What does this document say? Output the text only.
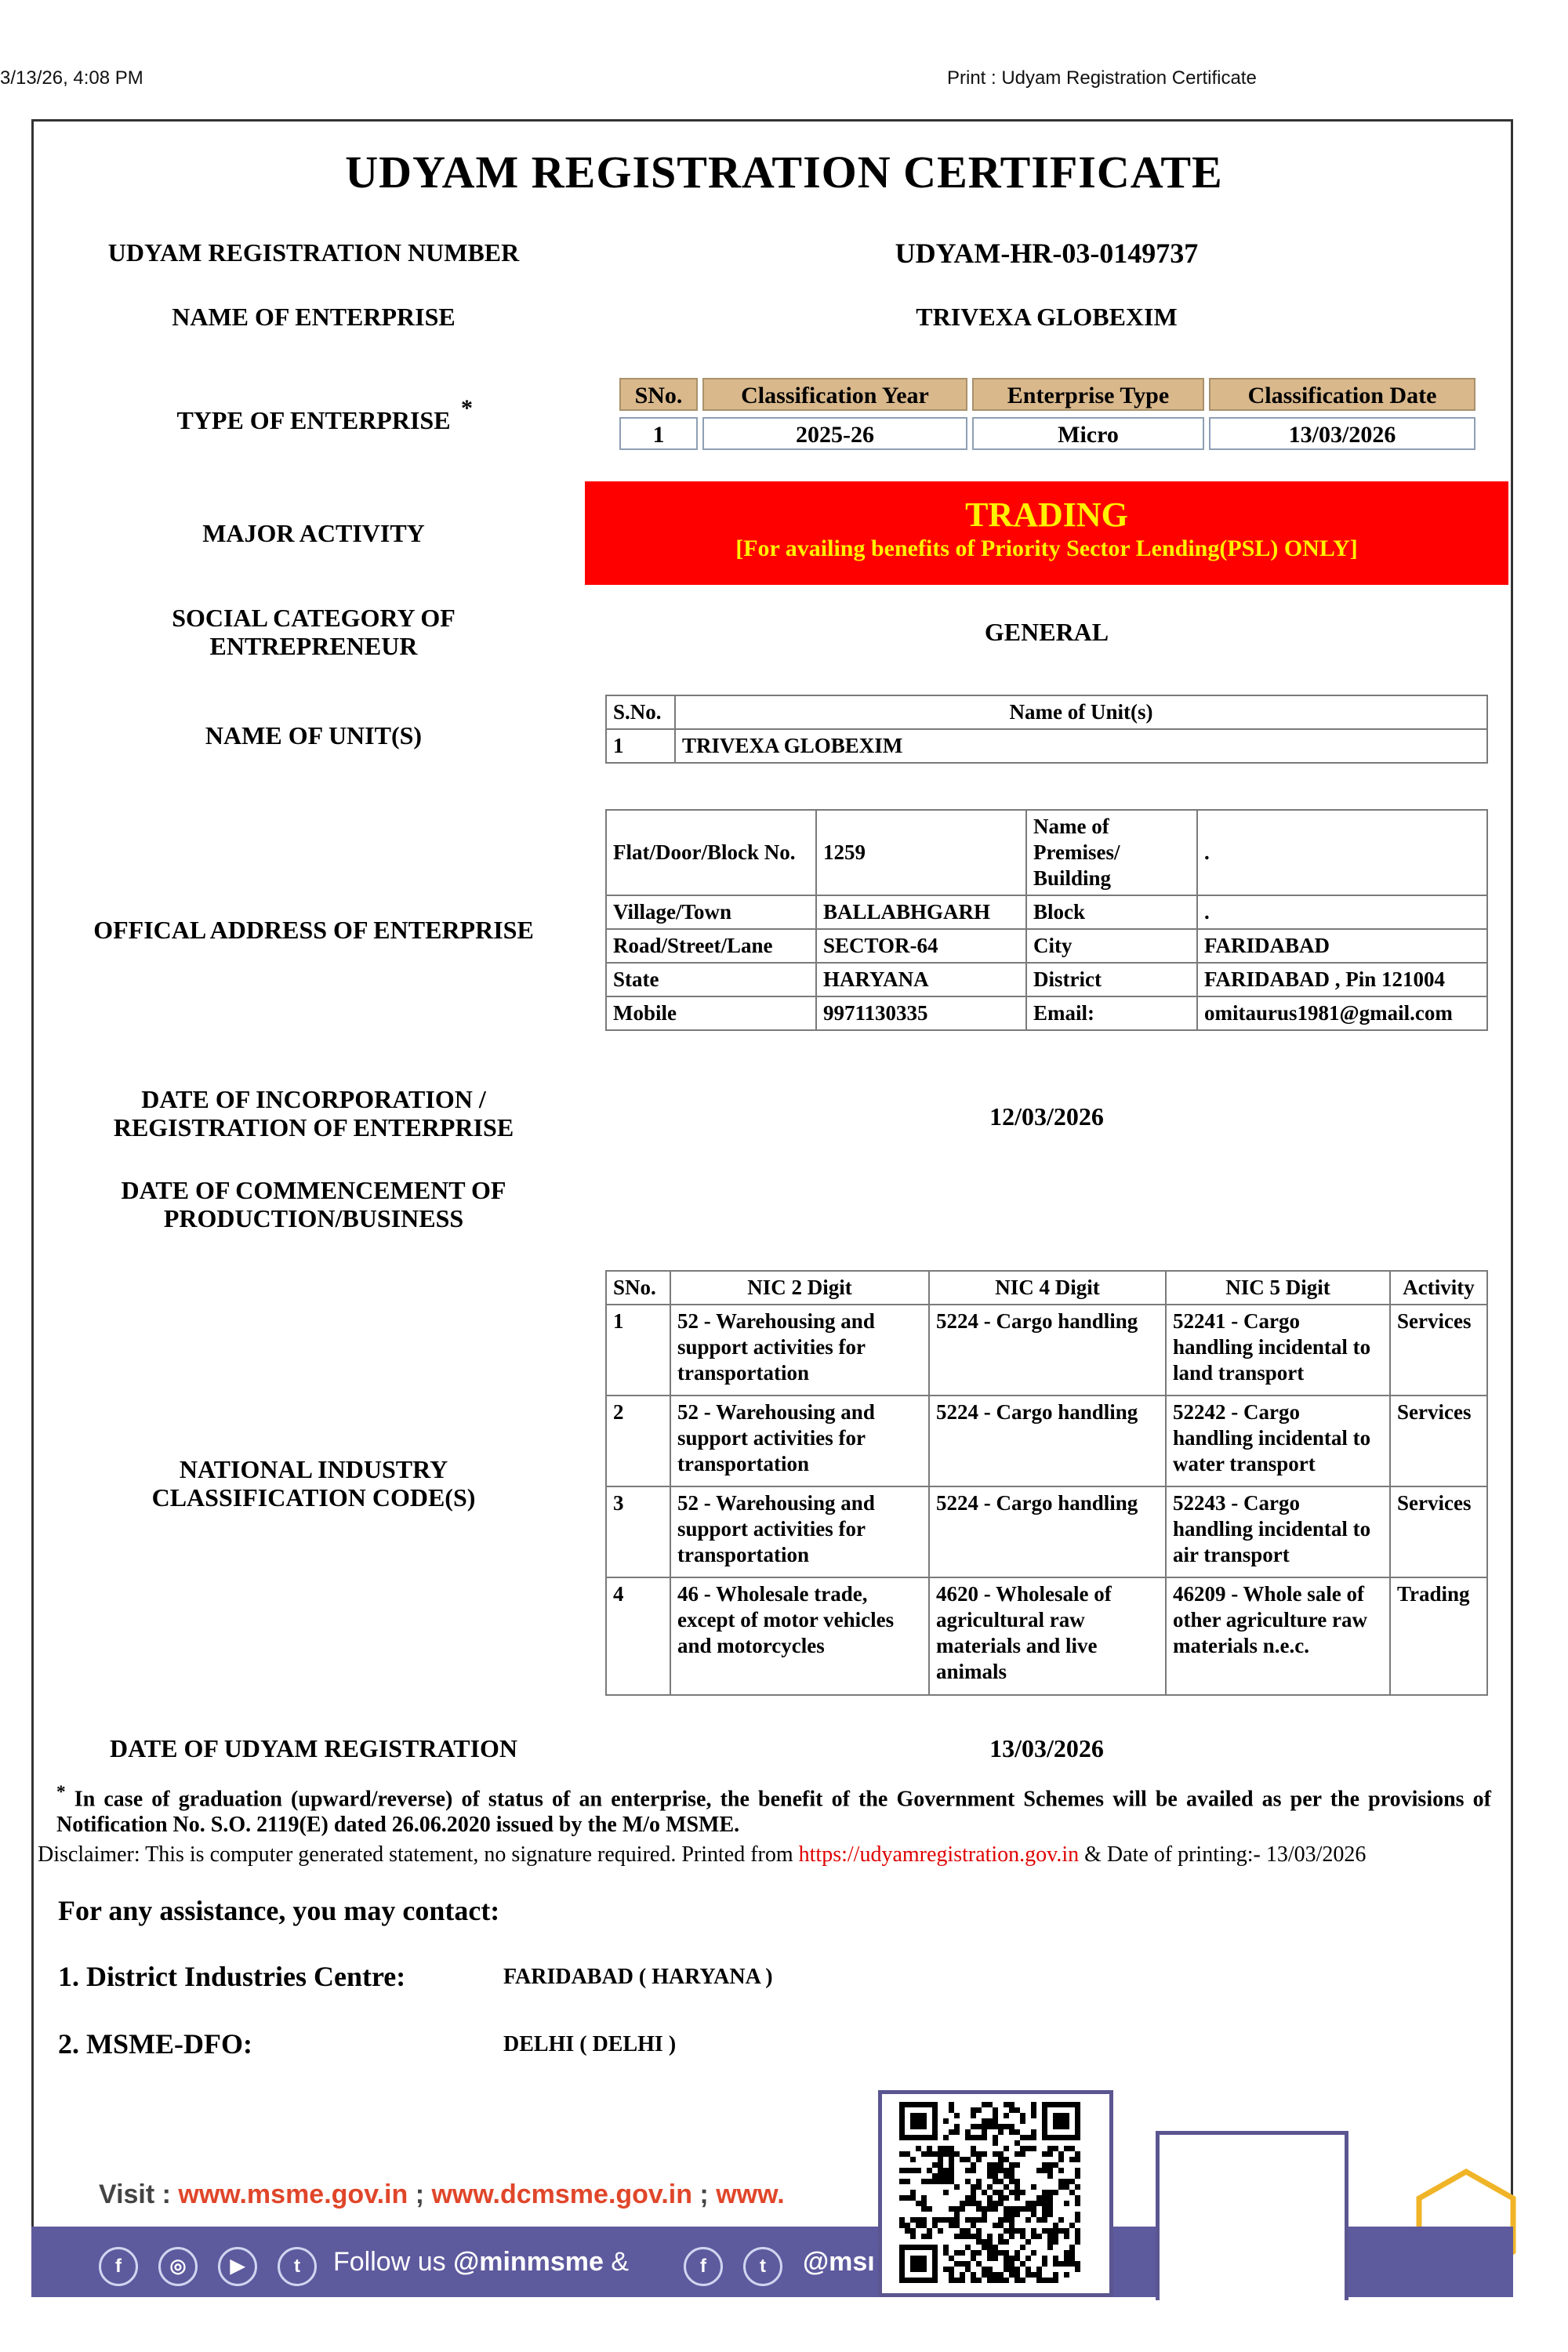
3/13/26, 4:08 PM	Print : Udyam Registration Certificate
UDYAM REGISTRATION CERTIFICATE
UDYAM REGISTRATION NUMBER	UDYAM-HR-03-0149737
NAME OF ENTERPRISE	TRIVEXA GLOBEXIM
TYPE OF ENTERPRISE *	SNo.	Classification Year	Enterprise Type	Classification Date
1	2025-26	Micro	13/03/2026
MAJOR ACTIVITY	TRADING
[For availing benefits of Priority Sector Lending(PSL) ONLY]
SOCIAL CATEGORY OF
ENTREPRENEUR	GENERAL
NAME OF UNIT(S)
S.No.	Name of Unit(s)
1	TRIVEXA GLOBEXIM
OFFICAL ADDRESS OF ENTERPRISE
Flat/Door/Block No.	1259	Name of Premises/ Building	.
Village/Town	BALLABHGARH	Block	.
Road/Street/Lane	SECTOR-64	City	FARIDABAD
State	HARYANA	District	FARIDABAD , Pin 121004
Mobile	9971130335	Email:	omitaurus1981@gmail.com
DATE OF INCORPORATION /
REGISTRATION OF ENTERPRISE	12/03/2026
DATE OF COMMENCEMENT OF
PRODUCTION/BUSINESS
NATIONAL INDUSTRY
CLASSIFICATION CODE(S)
SNo.	NIC 2 Digit	NIC 4 Digit	NIC 5 Digit	Activity
1	52 - Warehousing and support activities for transportation	5224 - Cargo handling	52241 - Cargo handling incidental to land transport	Services
2	52 - Warehousing and support activities for transportation	5224 - Cargo handling	52242 - Cargo handling incidental to water transport	Services
3	52 - Warehousing and support activities for transportation	5224 - Cargo handling	52243 - Cargo handling incidental to air transport	Services
4	46 - Wholesale trade, except of motor vehicles and motorcycles	4620 - Wholesale of agricultural raw materials and live animals	46209 - Whole sale of other agriculture raw materials n.e.c.	Trading
DATE OF UDYAM REGISTRATION	13/03/2026
* In case of graduation (upward/reverse) of status of an enterprise, the benefit of the Government Schemes will be availed as per the provisions of Notification No. S.O. 2119(E) dated 26.06.2020 issued by the M/o MSME.
Disclaimer: This is computer generated statement, no signature required. Printed from https://udyamregistration.gov.in & Date of printing:- 13/03/2026
For any assistance, you may contact:
1. District Industries Centre:	FARIDABAD ( HARYANA )
2. MSME-DFO:	DELHI ( DELHI )
Visit : www.msme.gov.in ; www.dcmsme.gov.in ; www.
f	◎	▶	t	Follow us @minmsme &	f	t	@msı
